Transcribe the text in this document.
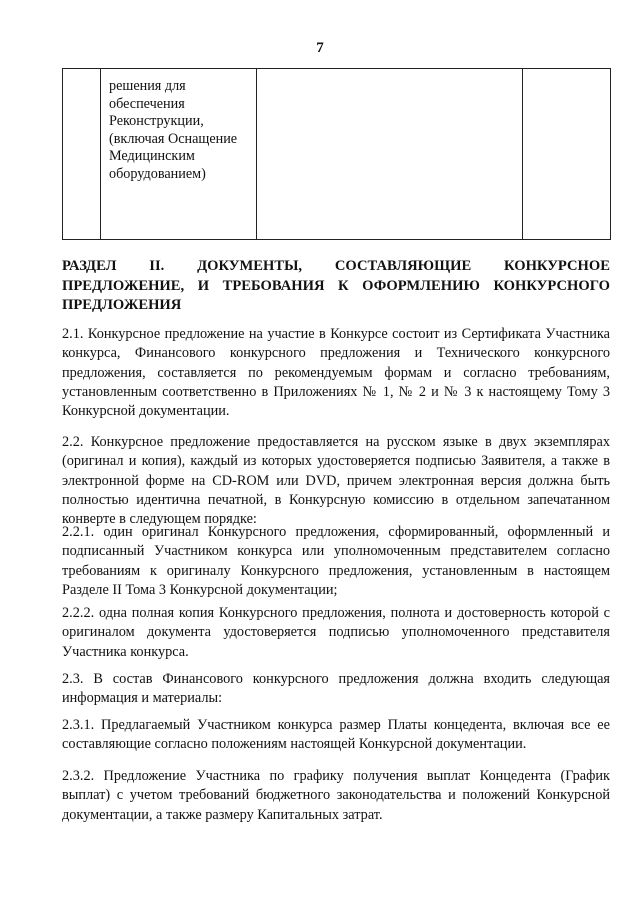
7

решения для
обеспечения
Реконструкции,
(включая Оснащение
Медицинским
оборудованием)

РАЗДЕЛ II. ДОКУМЕНТЫ, СОСТАВЛЯЮЩИЕ КОНКУРСНОЕ ПРЕДЛОЖЕНИЕ, И ТРЕБОВАНИЯ К ОФОРМЛЕНИЮ КОНКУРСНОГО ПРЕДЛОЖЕНИЯ
2.1. Конкурсное предложение на участие в Конкурсе состоит из Сертификата Участника конкурса, Финансового конкурсного предложения и Технического конкурсного предложения, составляется по рекомендуемым формам и согласно требованиям, установленным соответственно в Приложениях № 1, № 2 и № 3 к настоящему Тому 3 Конкурсной документации.
2.2. Конкурсное предложение предоставляется на русском языке в двух экземплярах (оригинал и копия), каждый из которых удостоверяется подписью Заявителя, а также в электронной форме на CD-ROM или DVD, причем электронная версия должна быть полностью идентична печатной, в Конкурсную комиссию в отдельном запечатанном конверте в следующем порядке:
2.2.1. один оригинал Конкурсного предложения, сформированный, оформленный и подписанный Участником конкурса или уполномоченным представителем согласно требованиям к оригиналу Конкурсного предложения, установленным в настоящем Разделе II Тома 3 Конкурсной документации;
2.2.2. одна полная копия Конкурсного предложения, полнота и достоверность которой с оригиналом документа удостоверяется подписью уполномоченного представителя Участника конкурса.
2.3. В состав Финансового конкурсного предложения должна входить следующая информация и материалы:
2.3.1. Предлагаемый Участником конкурса размер Платы концедента, включая все ее составляющие согласно положениям настоящей Конкурсной документации.
2.3.2. Предложение Участника по графику получения выплат Концедента (График выплат) с учетом требований бюджетного законодательства и положений Конкурсной документации, а также размеру Капитальных затрат.
